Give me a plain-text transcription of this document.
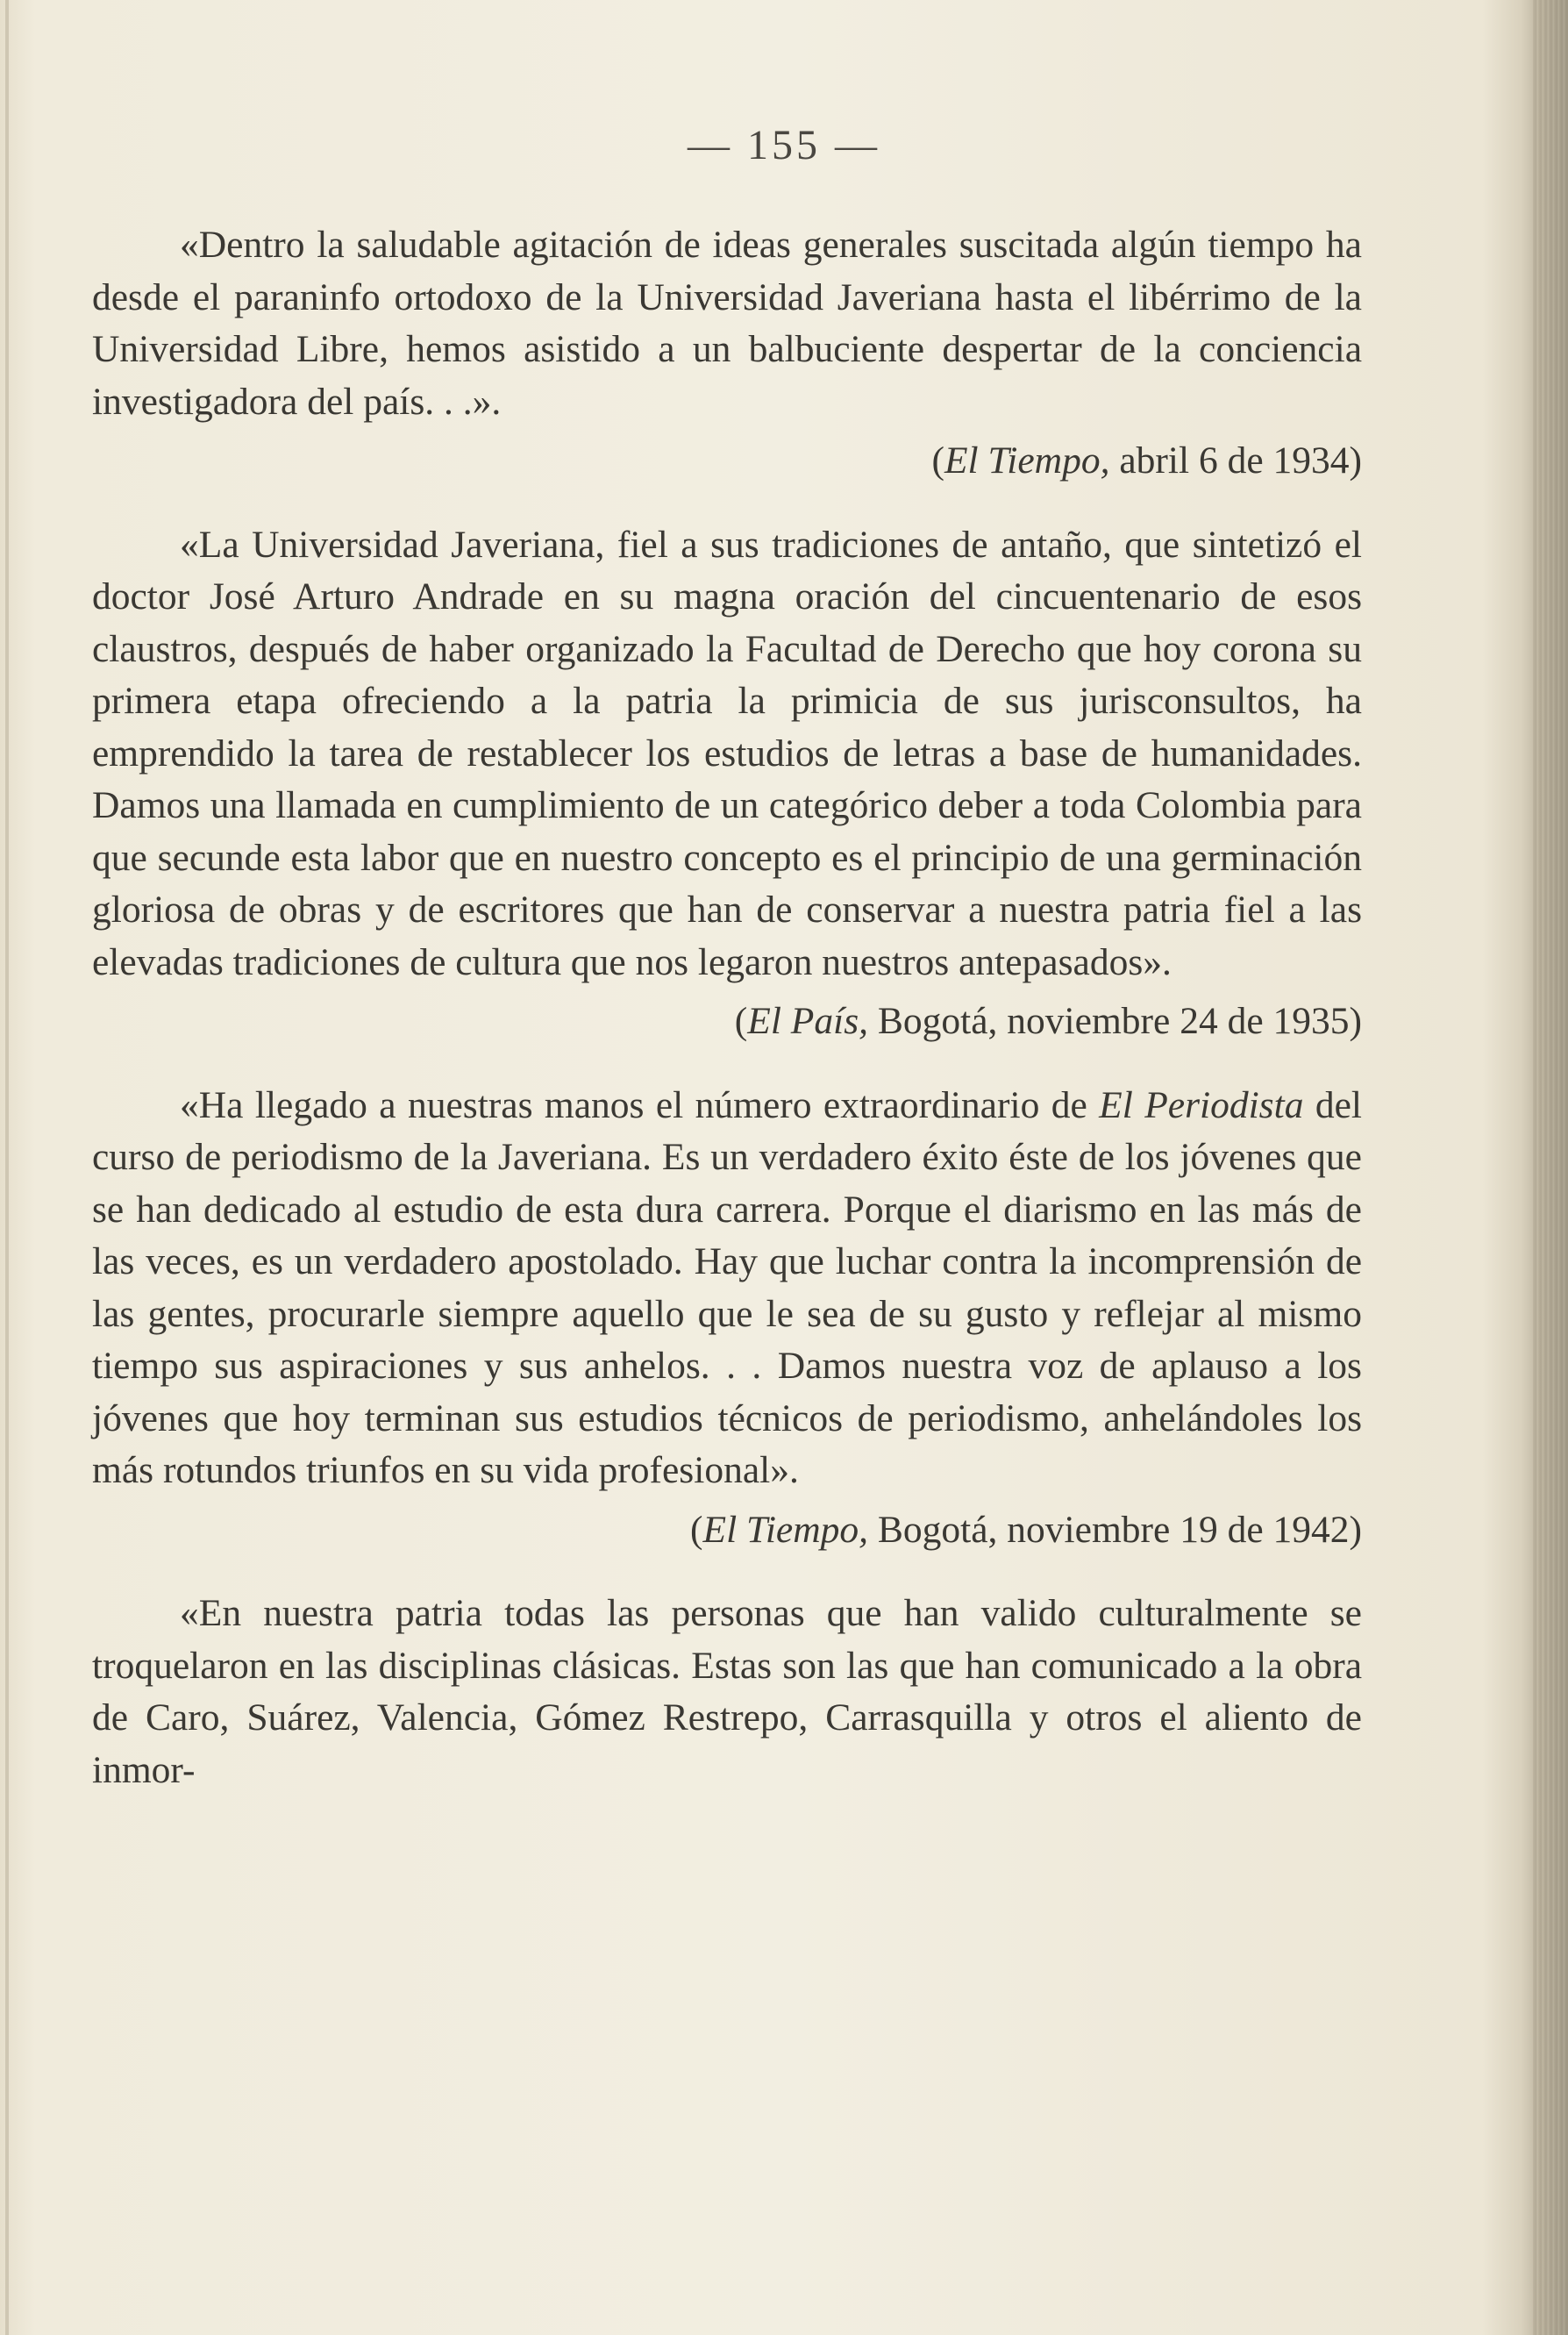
— 155 —

«Dentro la saludable agitación de ideas generales suscitada algún tiempo ha desde el paraninfo ortodoxo de la Universidad Javeriana hasta el libérrimo de la Universidad Libre, hemos asistido a un balbuciente despertar de la conciencia investigadora del país. . .».

(El Tiempo, abril 6 de 1934)

«La Universidad Javeriana, fiel a sus tradiciones de antaño, que sintetizó el doctor José Arturo Andrade en su magna oración del cincuentenario de esos claustros, después de haber organizado la Facultad de Derecho que hoy corona su primera etapa ofreciendo a la patria la primicia de sus jurisconsultos, ha emprendido la tarea de restablecer los estudios de letras a base de humanidades. Damos una llamada en cumplimiento de un categórico deber a toda Colombia para que secunde esta labor que en nuestro concepto es el principio de una germinación gloriosa de obras y de escritores que han de conservar a nuestra patria fiel a las elevadas tradiciones de cultura que nos legaron nuestros antepasados».

(El País, Bogotá, noviembre 24 de 1935)

«Ha llegado a nuestras manos el número extraordinario de El Periodista del curso de periodismo de la Javeriana. Es un verdadero éxito éste de los jóvenes que se han dedicado al estudio de esta dura carrera. Porque el diarismo en las más de las veces, es un verdadero apostolado. Hay que luchar contra la incomprensión de las gentes, procurarle siempre aquello que le sea de su gusto y reflejar al mismo tiempo sus aspiraciones y sus anhelos. . . Damos nuestra voz de aplauso a los jóvenes que hoy terminan sus estudios técnicos de periodismo, anhelándoles los más rotundos triunfos en su vida profesional».

(El Tiempo, Bogotá, noviembre 19 de 1942)

«En nuestra patria todas las personas que han valido culturalmente se troquelaron en las disciplinas clásicas. Estas son las que han comunicado a la obra de Caro, Suárez, Valencia, Gómez Restrepo, Carrasquilla y otros el aliento de inmor-
